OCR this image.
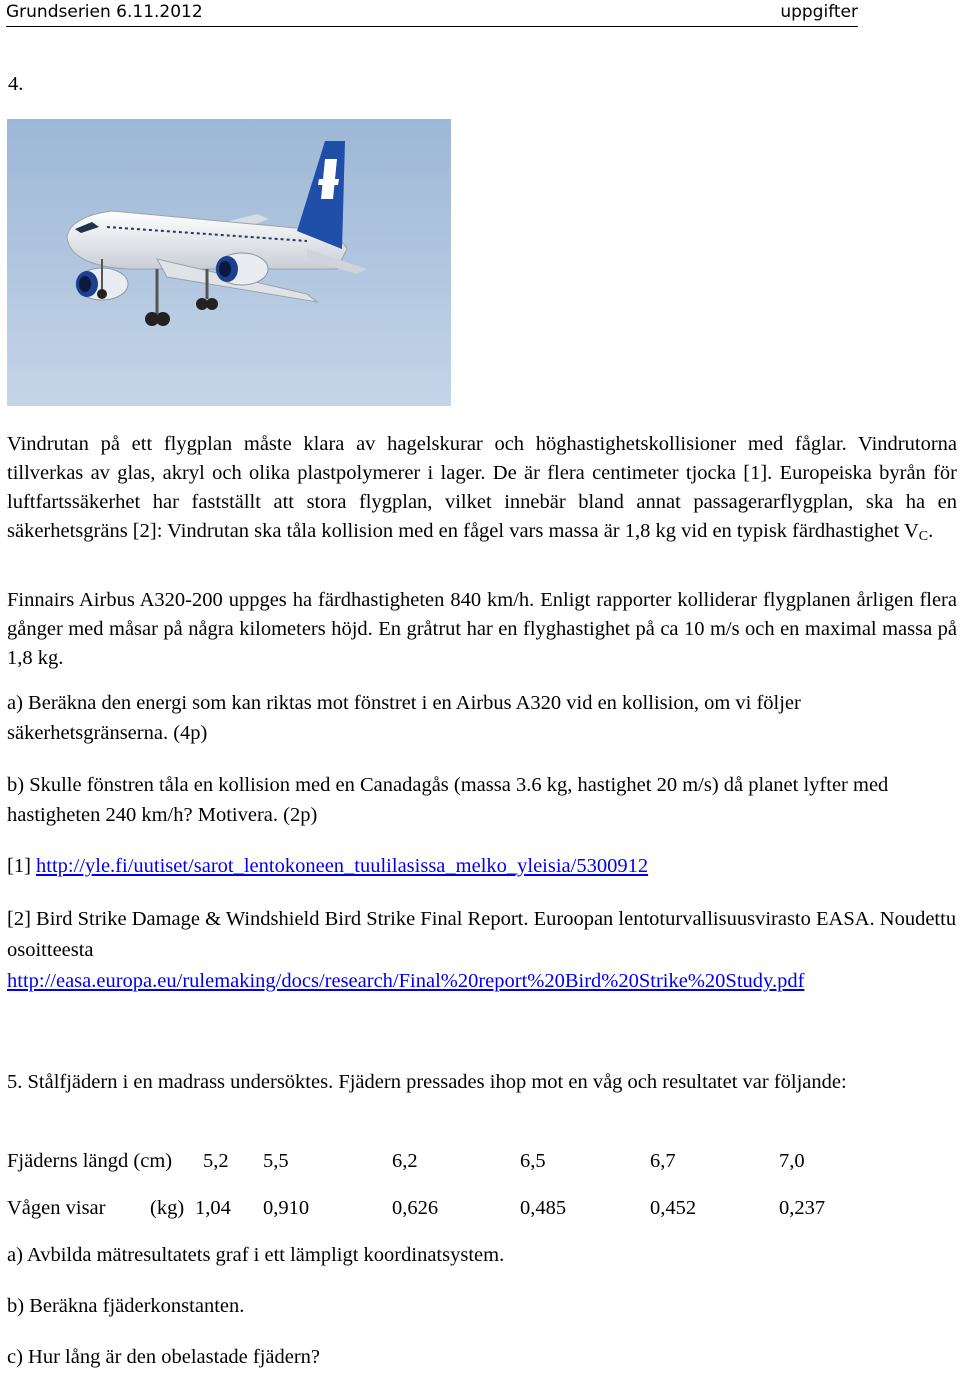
Grundserien 6.11.2012	uppgifter
4.
Vindrutan på ett flygplan måste klara av hagelskurar och höghastighetskollisioner med fåglar. Vindrutorna tillverkas av glas, akryl och olika plastpolymerer i lager. De är flera centimeter tjocka [1]. Europeiska byrån för luftfartssäkerhet har fastställt att stora flygplan, vilket innebär bland annat passagerarflygplan, ska ha en säkerhetsgräns [2]: Vindrutan ska tåla kollision med en fågel vars massa är 1,8 kg vid en typisk färdhastighet $V_C$.
Finnairs Airbus A320-200 uppges ha färdhastigheten 840 km/h. Enligt rapporter kolliderar flygplanen årligen flera gånger med måsar på några kilometers höjd. En gråtrut har en flyghastighet på ca 10 m/s och en maximal massa på 1,8 kg.
a) Beräkna den energi som kan riktas mot fönstret i en Airbus A320 vid en kollision, om vi följer säkerhetsgränserna. (4p)
b) Skulle fönstren tåla en kollision med en Canadagås (massa 3.6 kg, hastighet 20 m/s) då planet lyfter med hastigheten 240 km/h? Motivera. (2p)
[1] http://yle.fi/uutiset/sarot_lentokoneen_tuulilasissa_melko_yleisia/5300912
[2] Bird Strike Damage & Windshield Bird Strike Final Report. Euroopan lentoturvallisuusvirasto EASA. Noudettu osoitteesta
http://easa.europa.eu/rulemaking/docs/research/Final%20report%20Bird%20Strike%20Study.pdf
5. Stålfjädern i en madrass undersöktes. Fjädern pressades ihop mot en våg och resultatet var följande:
Fjäderns längd (cm) 5,2 5,5	6,2	6,5	6,7	7,0
Vågen visar (kg) 1,04 0,910	0,626	0,485	0,452	0,237
a) Avbilda mätresultatets graf i ett lämpligt koordinatsystem.
b) Beräkna fjäderkonstanten.
c) Hur lång är den obelastade fjädern?
